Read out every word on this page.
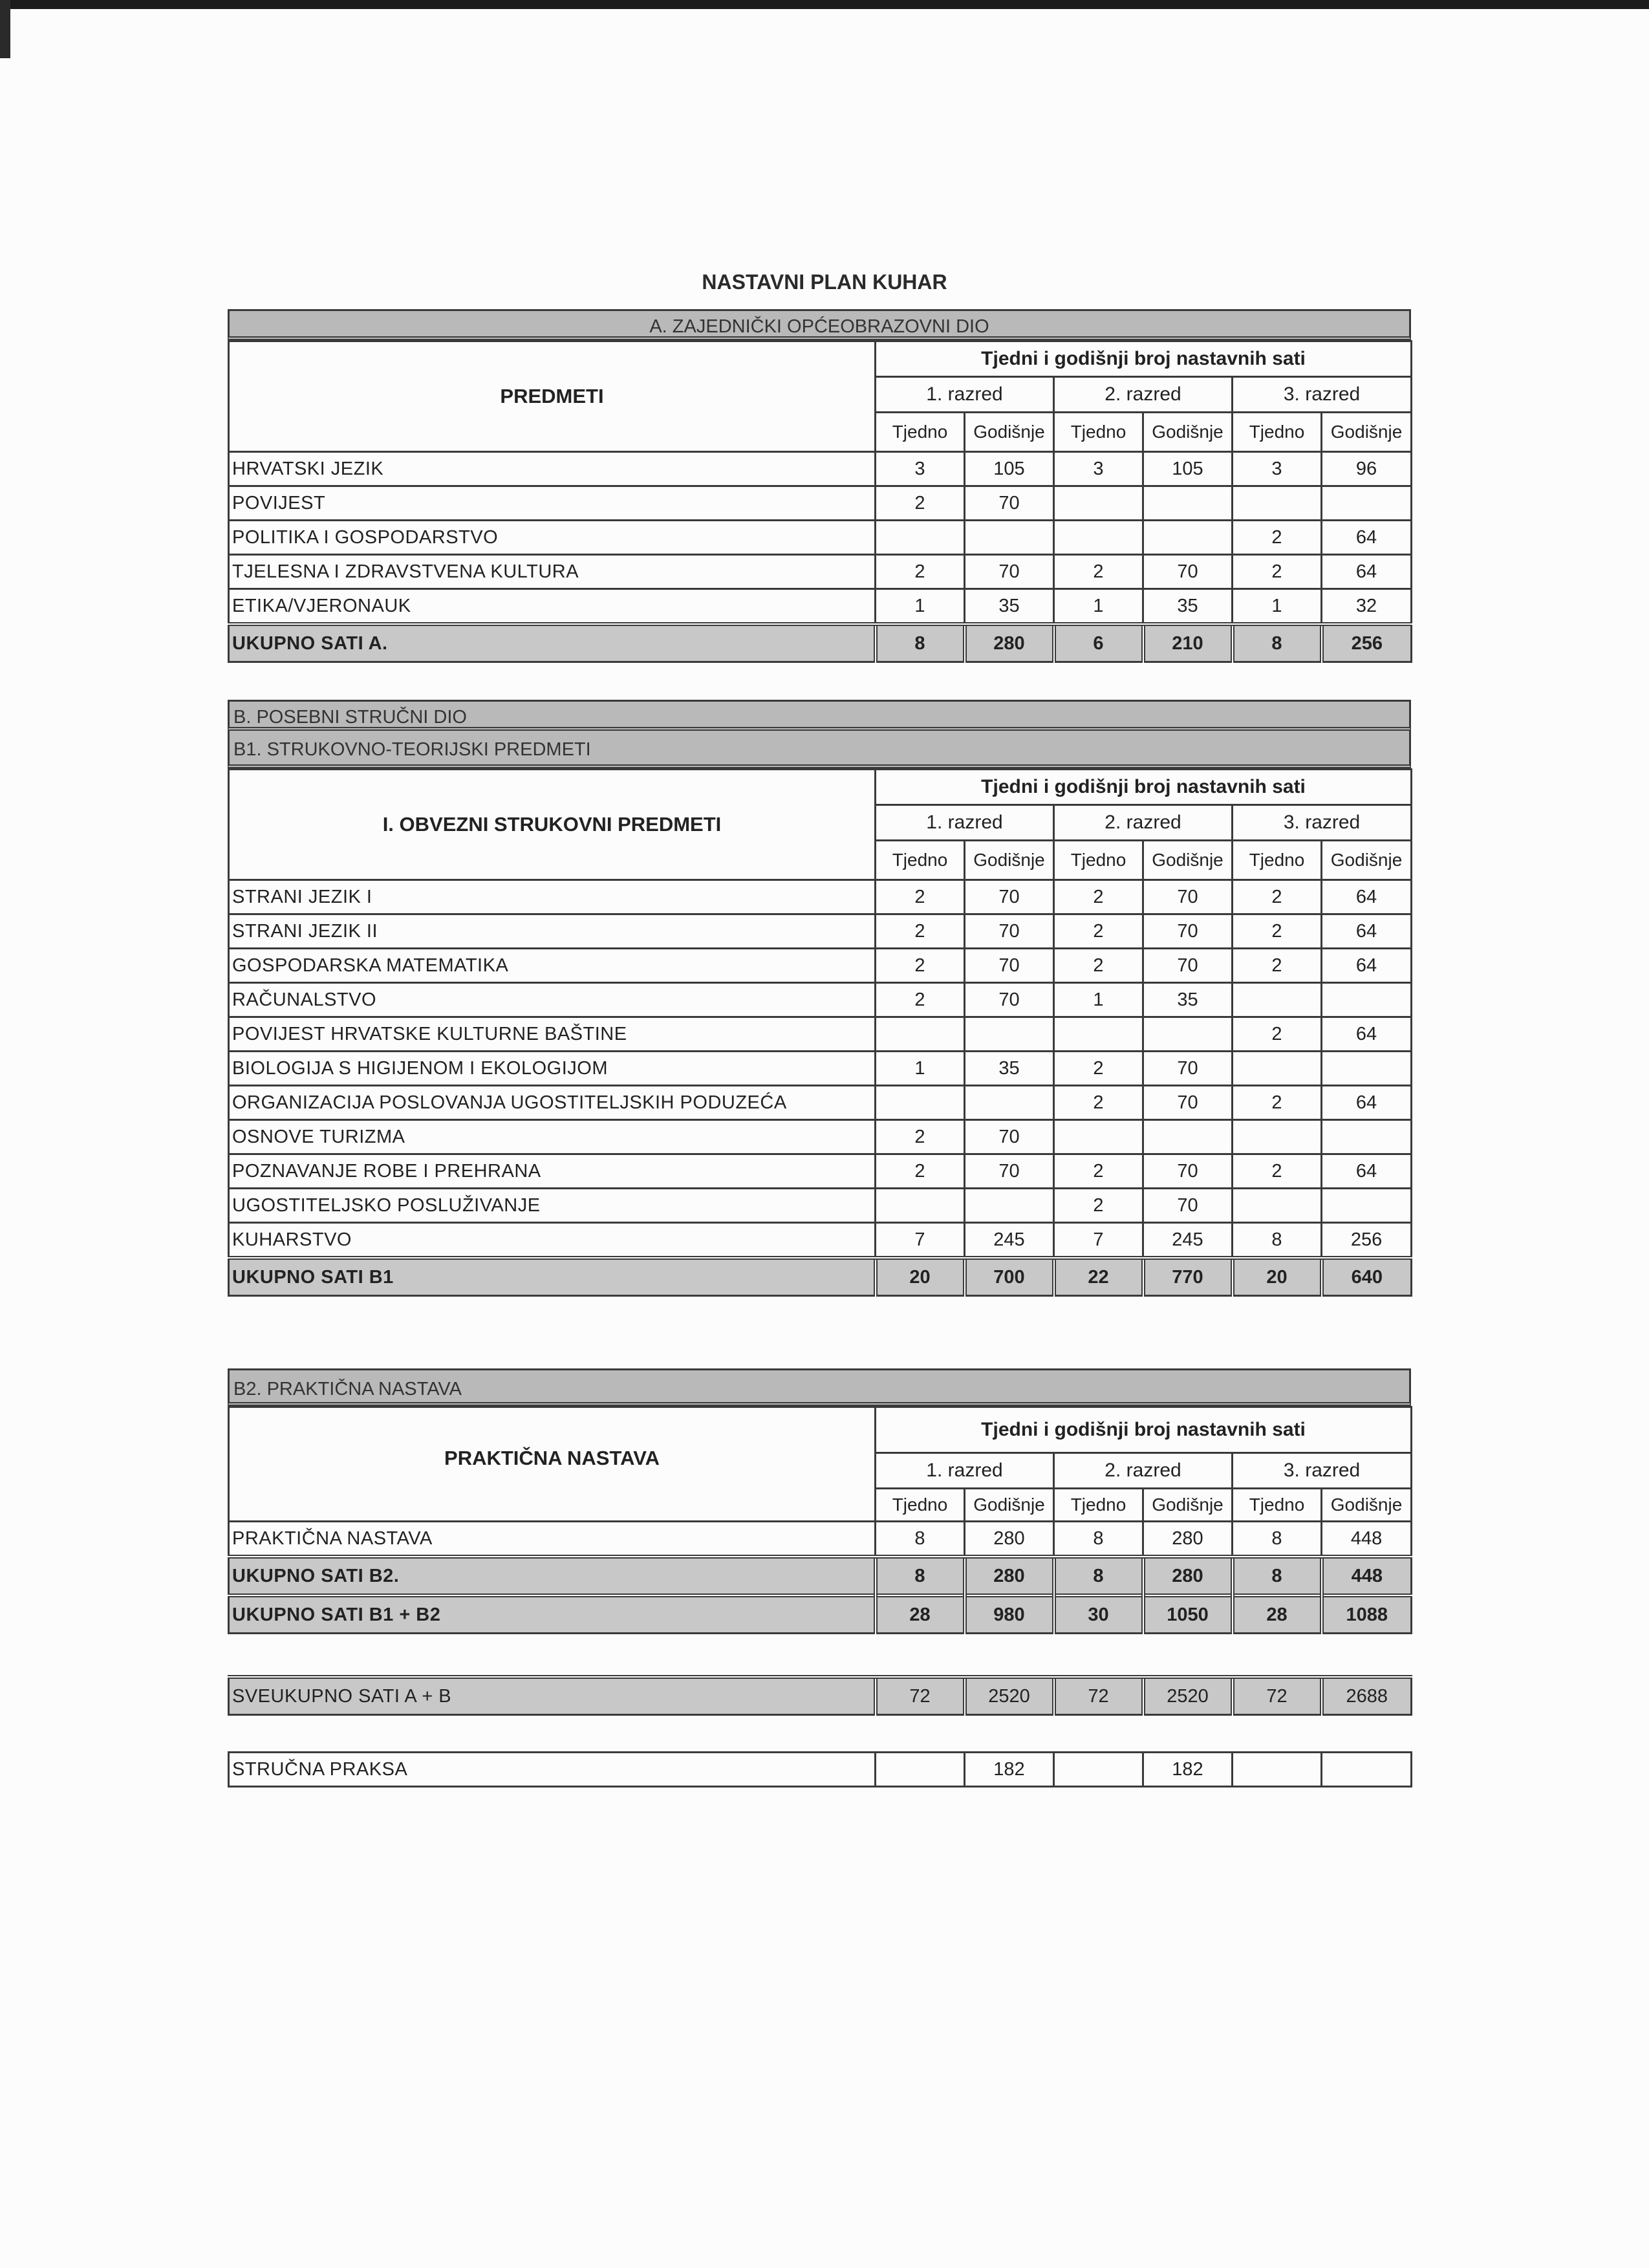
NASTAVNI PLAN KUHAR
A. ZAJEDNIČKI OPĆEOBRAZOVNI DIO
PREDMETI	Tjedni i godišnji broj nastavnih sati					
	1. razred		2. razred		3. razred	
	Tjedno	Godišnje	Tjedno	Godišnje	Tjedno	Godišnje
HRVATSKI JEZIK	3	105	3	105	3	96
POVIJEST	2	70				
POLITIKA I GOSPODARSTVO					2	64
TJELESNA I ZDRAVSTVENA KULTURA	2	70	2	70	2	64
ETIKA/VJERONAUK	1	35	1	35	1	32
UKUPNO SATI A.	8	280	6	210	8	256
B. POSEBNI STRUČNI DIO
B1. STRUKOVNO-TEORIJSKI PREDMETI
I. OBVEZNI STRUKOVNI PREDMETI	Tjedni i godišnji broj nastavnih sati					
	1. razred		2. razred		3. razred	
	Tjedno	Godišnje	Tjedno	Godišnje	Tjedno	Godišnje
STRANI JEZIK I	2	70	2	70	2	64
STRANI JEZIK II	2	70	2	70	2	64
GOSPODARSKA MATEMATIKA	2	70	2	70	2	64
RAČUNALSTVO	2	70	1	35		
POVIJEST HRVATSKE KULTURNE BAŠTINE					2	64
BIOLOGIJA S HIGIJENOM I EKOLOGIJOM	1	35	2	70		
ORGANIZACIJA POSLOVANJA UGOSTITELJSKIH PODUZEĆA			2	70	2	64
OSNOVE TURIZMA	2	70				
POZNAVANJE ROBE I PREHRANA	2	70	2	70	2	64
UGOSTITELJSKO POSLUŽIVANJE			2	70		
KUHARSTVO	7	245	7	245	8	256
UKUPNO SATI B1	20	700	22	770	20	640
B2. PRAKTIČNA NASTAVA
PRAKTIČNA NASTAVA	Tjedni i godišnji broj nastavnih sati					
	1. razred		2. razred		3. razred	
	Tjedno	Godišnje	Tjedno	Godišnje	Tjedno	Godišnje
PRAKTIČNA NASTAVA	8	280	8	280	8	448
UKUPNO SATI B2.	8	280	8	280	8	448
UKUPNO SATI B1 + B2	28	980	30	1050	28	1088
SVEUKUPNO SATI A + B	72	2520	72	2520	72	2688
STRUČNA PRAKSA		182		182		
